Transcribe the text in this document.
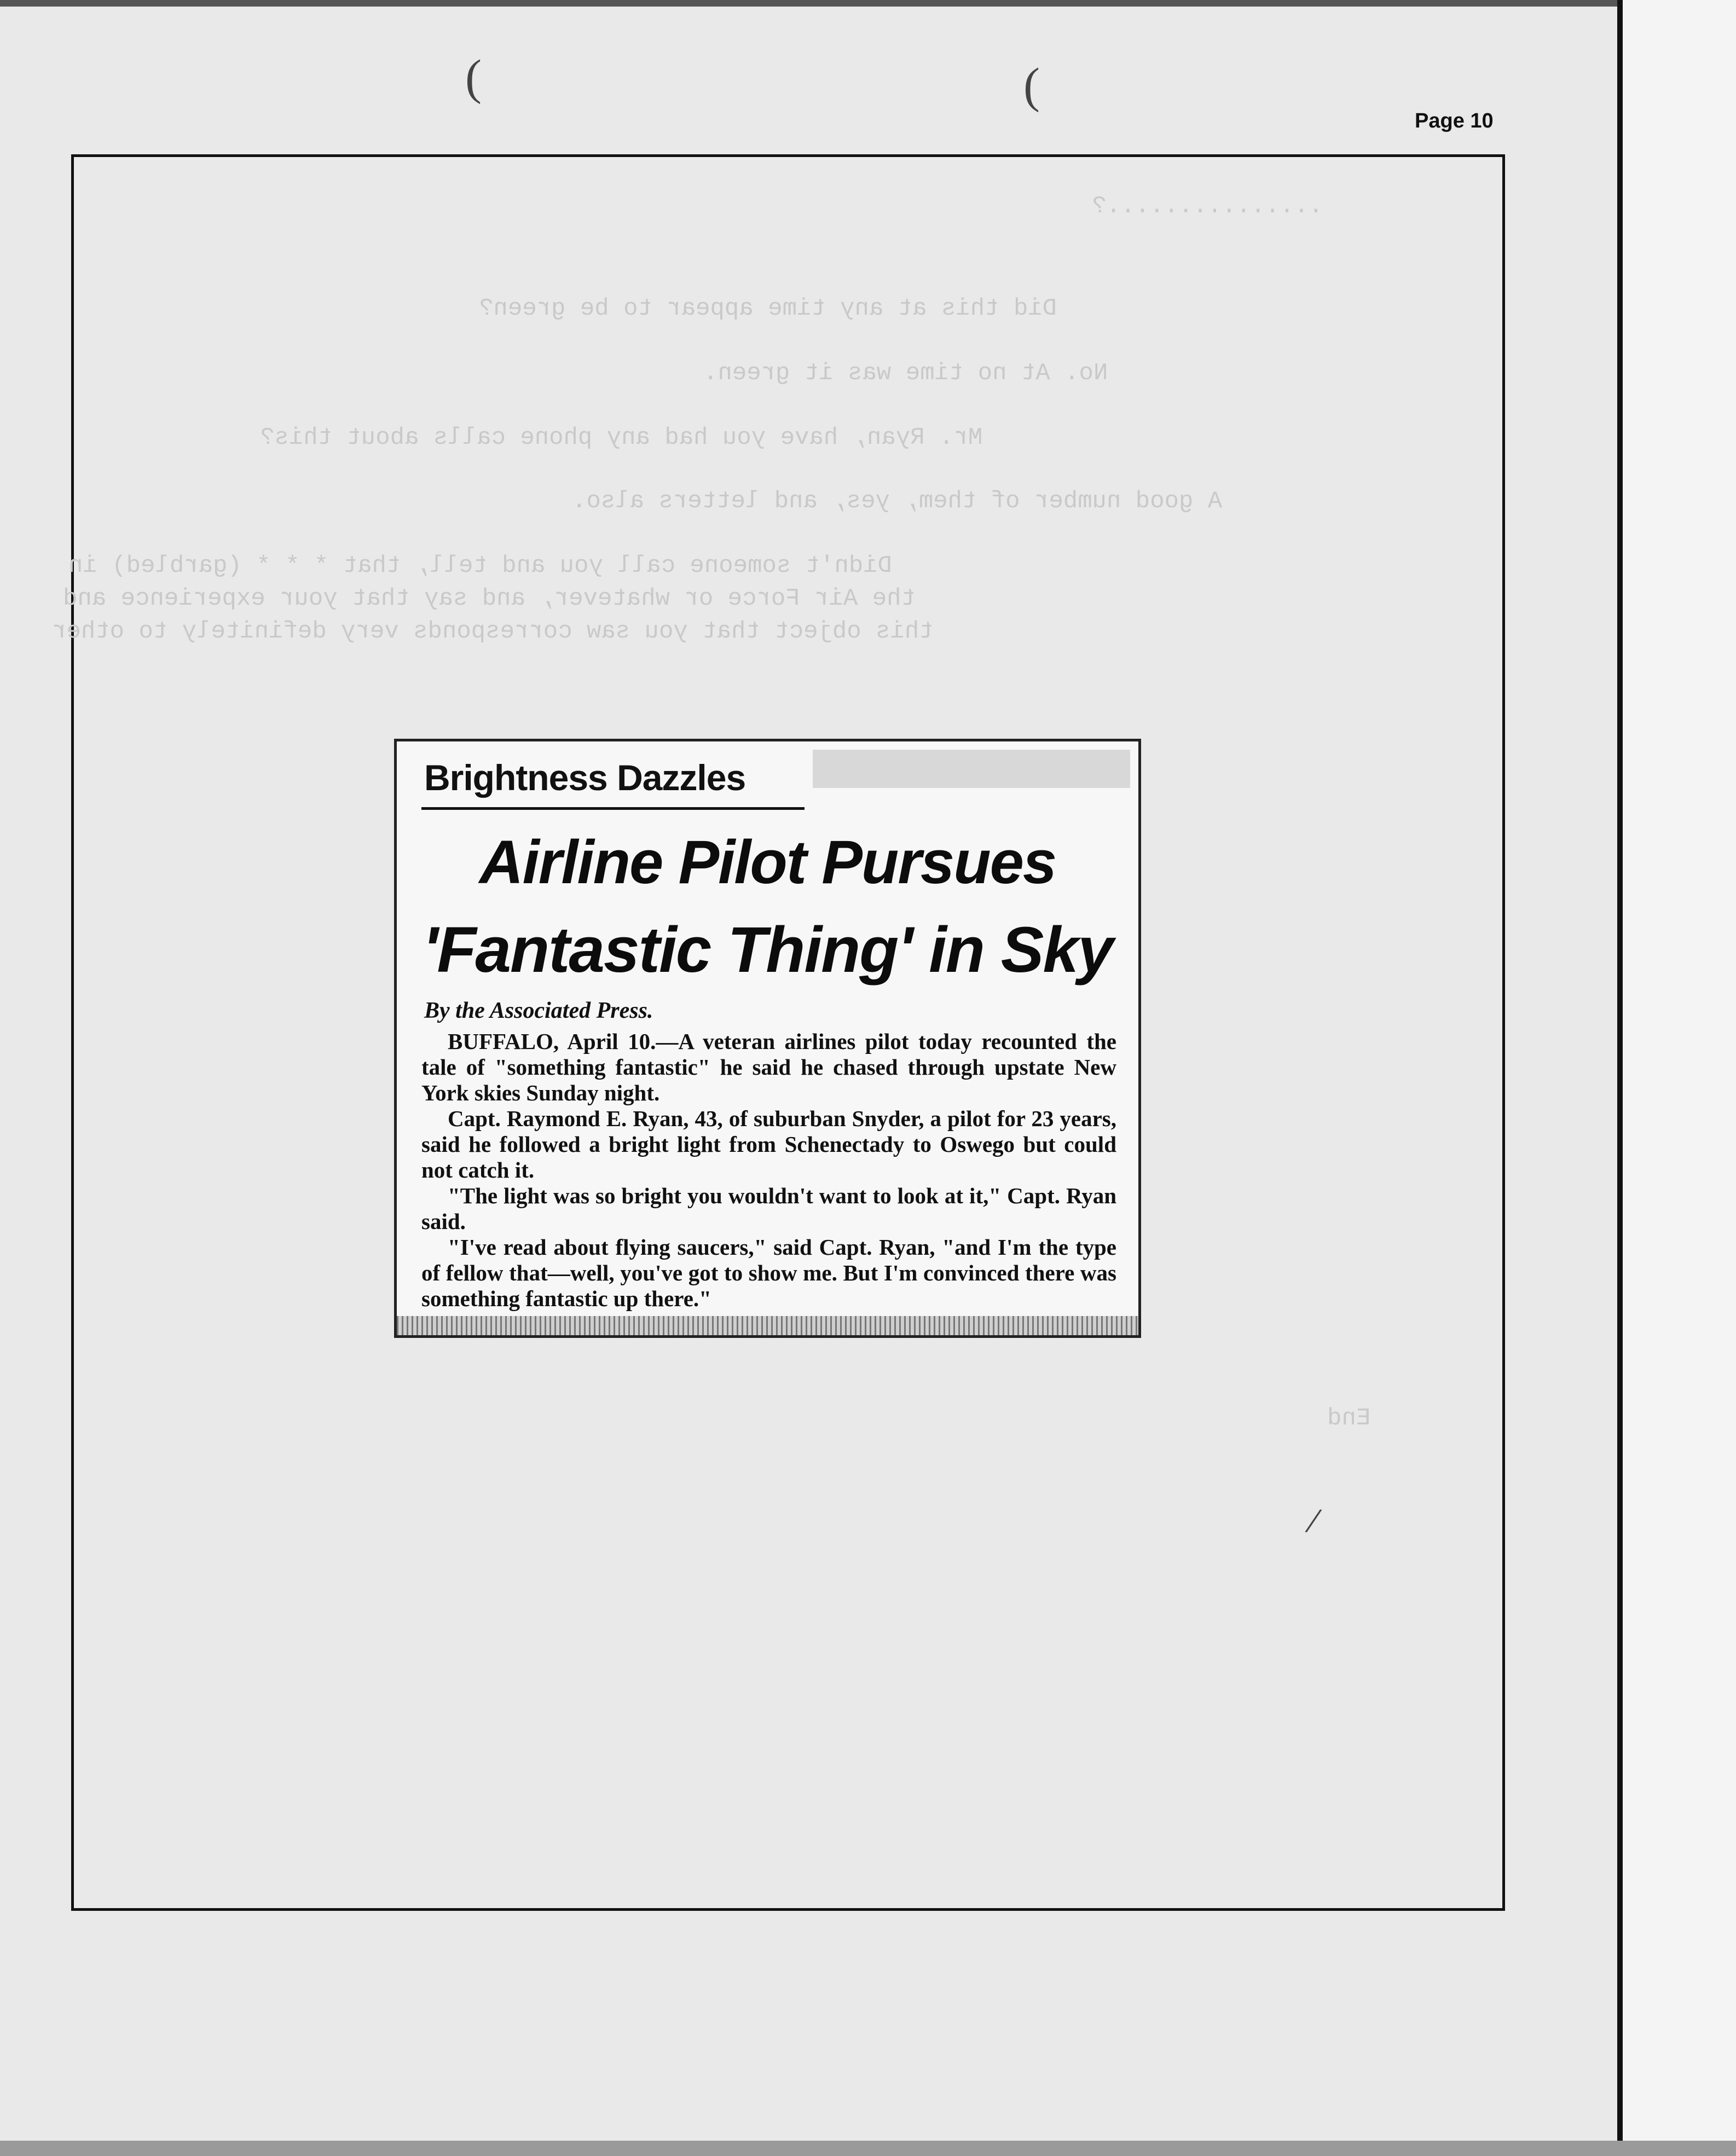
(	(
Page 10
...............?
Did this at any time appear to be green?
No. At no time was it green.
Mr. Ryan, have you had any phone calls about this?
A good number of them, yes, and letters also.
Didn't someone call you and tell, that * * * (garbled) in
the Air Force or whatever, and say that your experience and
this object that you saw corresponds very definitely to other
End
Brightness Dazzles
Airline Pilot Pursues
'Fantastic Thing' in Sky
By the Associated Press.

BUFFALO, April 10.—A veteran airlines pilot today recounted the tale of "something fantastic" he said he chased through upstate New York skies Sunday night.

Capt. Raymond E. Ryan, 43, of suburban Snyder, a pilot for 23 years, said he followed a bright light from Schenectady to Oswego but could not catch it.

"The light was so bright you wouldn't want to look at it," Capt. Ryan said.

"I've read about flying saucers," said Capt. Ryan, "and I'm the type of fellow that—well, you've got to show me. But I'm convinced there was something fantastic up there."

/
